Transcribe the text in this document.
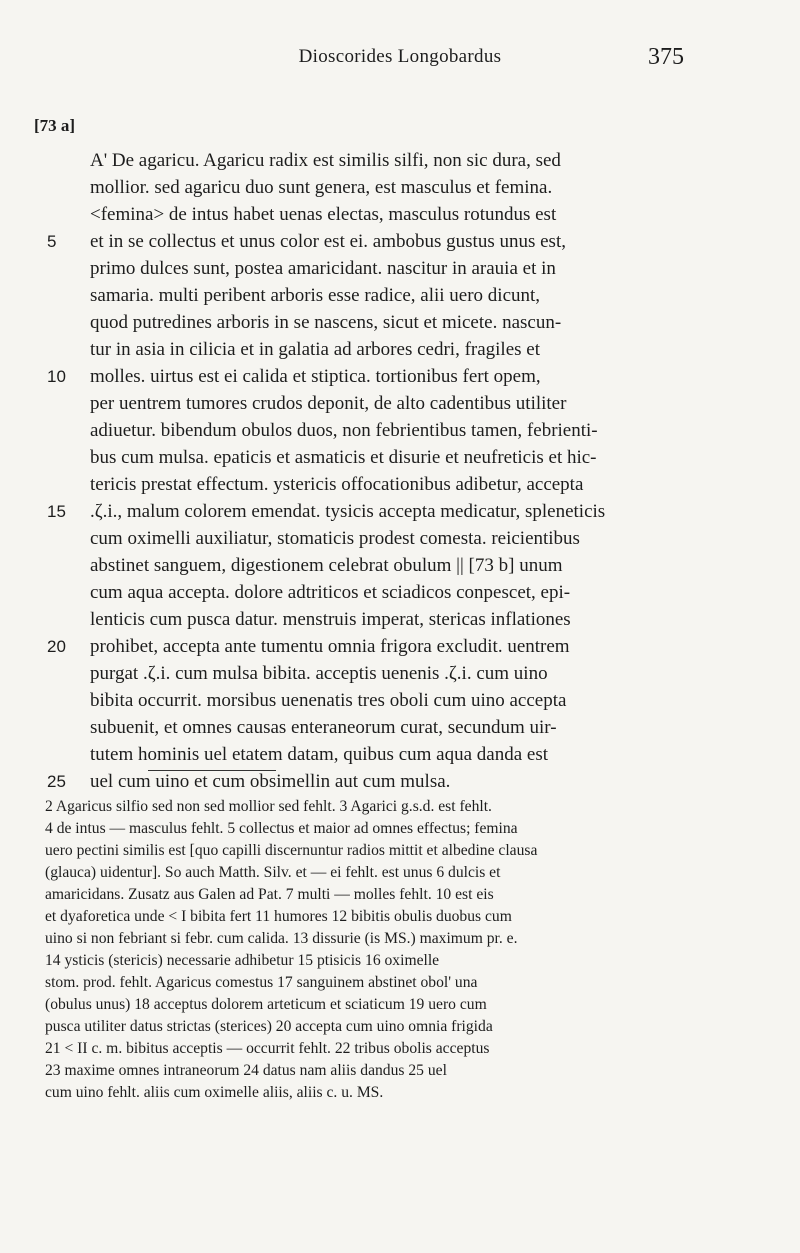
Dioscorides Longobardus	375
[73 a]
A' De agaricu. Agaricu radix est similis silfi, non sic dura, sed
mollior. sed agaricu duo sunt genera, est masculus et femina.
<femina> de intus habet uenas electas, masculus rotundus est
5	et in se collectus et unus color est ei. ambobus gustus unus est,
primo dulces sunt, postea amaricidant. nascitur in arauia et in
samaria. multi peribent arboris esse radice, alii uero dicunt,
quod putredines arboris in se nascens, sicut et micete. nascun-
tur in asia in cilicia et in galatia ad arbores cedri, fragiles et
10	molles. uirtus est ei calida et stiptica. tortionibus fert opem,
per uentrem tumores crudos deponit, de alto cadentibus utiliter
adiuetur. bibendum obulos duos, non febrientibus tamen, febrienti-
bus cum mulsa. epaticis et asmaticis et disurie et neufreticis et hic-
tericis prestat effectum. ystericis offocationibus adibetur, accepta
15	.ζ.i., malum colorem emendat. tysicis accepta medicatur, spleneticis
cum oximelli auxiliatur, stomaticis prodest comesta. reicientibus
abstinet sanguem, digestionem celebrat obulum || [73 b] unum
cum aqua accepta. dolore adtriticos et sciadicos conpescet, epi-
lenticis cum pusca datur. menstruis imperat, stericas inflationes
20	prohibet, accepta ante tumentu omnia frigora excludit. uentrem
purgat .ζ.i. cum mulsa bibita. acceptis uenenis .ζ.i. cum uino
bibita occurrit. morsibus uenenatis tres oboli cum uino accepta
subuenit, et omnes causas enteraneorum curat, secundum uir-
tutem hominis uel etatem datam, quibus cum aqua danda est
25	uel cum uino et cum obsimellin aut cum mulsa.
2 Agaricus silfio sed non sed mollior sed fehlt. 3 Agarici g.s.d. est fehlt.
4 de intus — masculus fehlt. 5 collectus et maior ad omnes effectus; femina
uero pectini similis est [quo capilli discernuntur radios mittit et albedine clausa
(glauca) uidentur]. So auch Matth. Silv. et — ei fehlt. est unus 6 dulcis et
amaricidans. Zusatz aus Galen ad Pat. 7 multi — molles fehlt. 10 est eis
et dyaforetica unde < I bibita fert 11 humores 12 bibitis obulis duobus cum
uino si non febriant si febr. cum calida. 13 dissurie (is MS.) maximum pr. e.
14 ysticis (stericis) necessarie adhibetur 15 ptisicis 16 oximelle
stom. prod. fehlt. Agaricus comestus 17 sanguinem abstinet obol' una
(obulus unus) 18 acceptus dolorem arteticum et sciaticum 19 uero cum
pusca utiliter datus strictas (sterices) 20 accepta cum uino omnia frigida
21 < II c. m. bibitus acceptis — occurrit fehlt. 22 tribus obolis acceptus
23 maxime omnes intraneorum 24 datus nam aliis dandus 25 uel
cum uino fehlt. aliis cum oximelle aliis, aliis c. u. MS.
